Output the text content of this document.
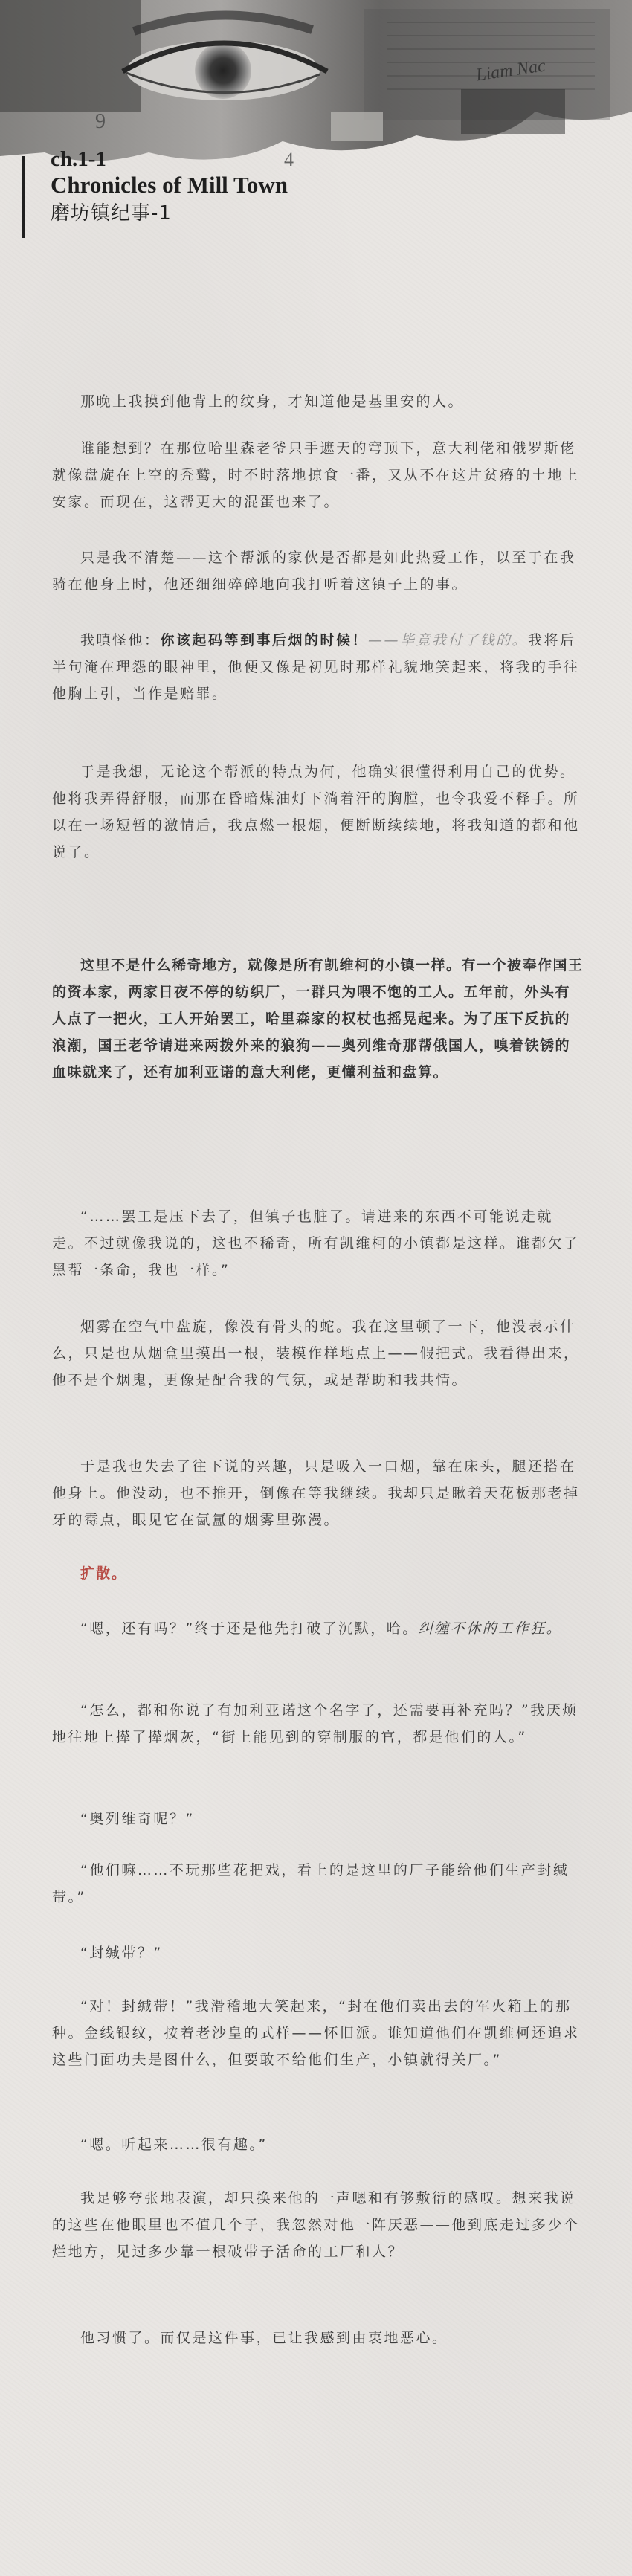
9
4
Liam Nac
ch.1-1
Chronicles of Mill Town
磨坊镇纪事-1

那晚上我摸到他背上的纹身，才知道他是基里安的人。

谁能想到？在那位哈里森老爷只手遮天的穹顶下，意大利佬和俄罗斯佬就像盘旋在上空的秃鹫，时不时落地掠食一番，又从不在这片贫瘠的土地上安家。而现在，这帮更大的混蛋也来了。

只是我不清楚——这个帮派的家伙是否都是如此热爱工作，以至于在我骑在他身上时，他还细细碎碎地向我打听着这镇子上的事。

我嗔怪他：你该起码等到事后烟的时候！——毕竟我付了钱的。我将后半句淹在理怨的眼神里，他便又像是初见时那样礼貌地笑起来，将我的手往他胸上引，当作是赔罪。

于是我想，无论这个帮派的特点为何，他确实很懂得利用自己的优势。他将我弄得舒服，而那在昏暗煤油灯下淌着汗的胸膛，也令我爱不释手。所以在一场短暂的激情后，我点燃一根烟，便断断续续地，将我知道的都和他说了。

这里不是什么稀奇地方，就像是所有凯维柯的小镇一样。有一个被奉作国王的资本家，两家日夜不停的纺织厂，一群只为喂不饱的工人。五年前，外头有人点了一把火，工人开始罢工，哈里森家的权杖也摇晃起来。为了压下反抗的浪潮，国王老爷请进来两拨外来的狼狗——奥列维奇那帮俄国人，嗅着铁锈的血味就来了，还有加利亚诺的意大利佬，更懂利益和盘算。

“……罢工是压下去了，但镇子也脏了。请进来的东西不可能说走就走。不过就像我说的，这也不稀奇，所有凯维柯的小镇都是这样。谁都欠了黑帮一条命，我也一样。”

烟雾在空气中盘旋，像没有骨头的蛇。我在这里顿了一下，他没表示什么，只是也从烟盒里摸出一根，装模作样地点上——假把式。我看得出来，他不是个烟鬼，更像是配合我的气氛，或是帮助和我共情。

于是我也失去了往下说的兴趣，只是吸入一口烟，靠在床头，腿还搭在他身上。他没动，也不推开，倒像在等我继续。我却只是瞅着天花板那老掉牙的霉点，眼见它在氤氲的烟雾里弥漫。

扩散。

“嗯，还有吗？”终于还是他先打破了沉默，哈。纠缠不休的工作狂。

“怎么，都和你说了有加利亚诺这个名字了，还需要再补充吗？”我厌烦地往地上撵了撵烟灰，“街上能见到的穿制服的官，都是他们的人。”

“奥列维奇呢？”

“他们嘛……不玩那些花把戏，看上的是这里的厂子能给他们生产封缄带。”

“封缄带？”

“对！封缄带！”我滑稽地大笑起来，“封在他们卖出去的军火箱上的那种。金线银纹，按着老沙皇的式样——怀旧派。谁知道他们在凯维柯还追求这些门面功夫是图什么，但要敢不给他们生产，小镇就得关厂。”

“嗯。听起来……很有趣。”

我足够夸张地表演，却只换来他的一声嗯和有够敷衍的感叹。想来我说的这些在他眼里也不值几个子，我忽然对他一阵厌恶——他到底走过多少个烂地方，见过多少靠一根破带子活命的工厂和人？

他习惯了。而仅是这件事，已让我感到由衷地恶心。
